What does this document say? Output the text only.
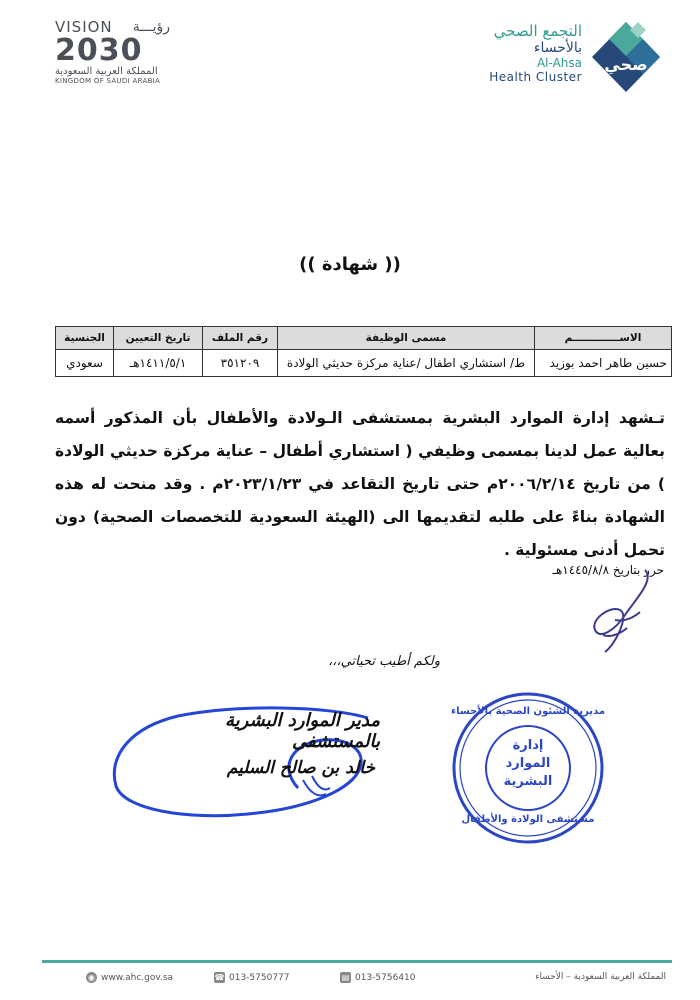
VISION رؤيـــة
2030
المملكة العربية السعودية
KINGDOM OF SAUDI ARABIA
التجمع الصحي
بالأحساء
Al-Ahsa
Health Cluster
صحي
(( شهادة ))
الاســـــــــــــم	مسمى الوظيفة	رقم الملف	تاريخ التعيين	الجنسية
حسين طاهر احمد بوزيد	ط/ استشاري اطفال /عناية مركزة حديثي الولادة	٣٥١٢٠٩	١٤١١/٥/١هـ	سعودي
تـشهد إدارة الموارد البشرية بمستشفى الـولادة والأطفال بأن المذكور أسمه بعالية عمل لدينا بمسمى وظيفي ( استشاري أطفال – عناية مركزة حديثي الولادة ) من تاريخ ٢٠٠٦/٢/١٤م حتى تاريخ التقاعد في ٢٠٢٣/١/٢٣م . وقد منحت له هذه الشهادة بناءً على طلبه لتقديمها الى (الهيئة السعودية للتخصصات الصحية) دون تحمل أدنى مسئولية .
حرر بتاريخ ١٤٤٥/٨/٨هـ
ولكم أطيب تحياتي،،،
مدير الموارد البشرية بالمستشفى
خالد بن صالح السليم
مديرية الشئون الصحية بالأحساء
إدارة
الموارد
البشرية
مستشفى الولادة والأطفال
◉ www.ahc.gov.sa	☎ 013-5750777	▤ 013-5756410	المملكة العربية السعودية – الأحساء
